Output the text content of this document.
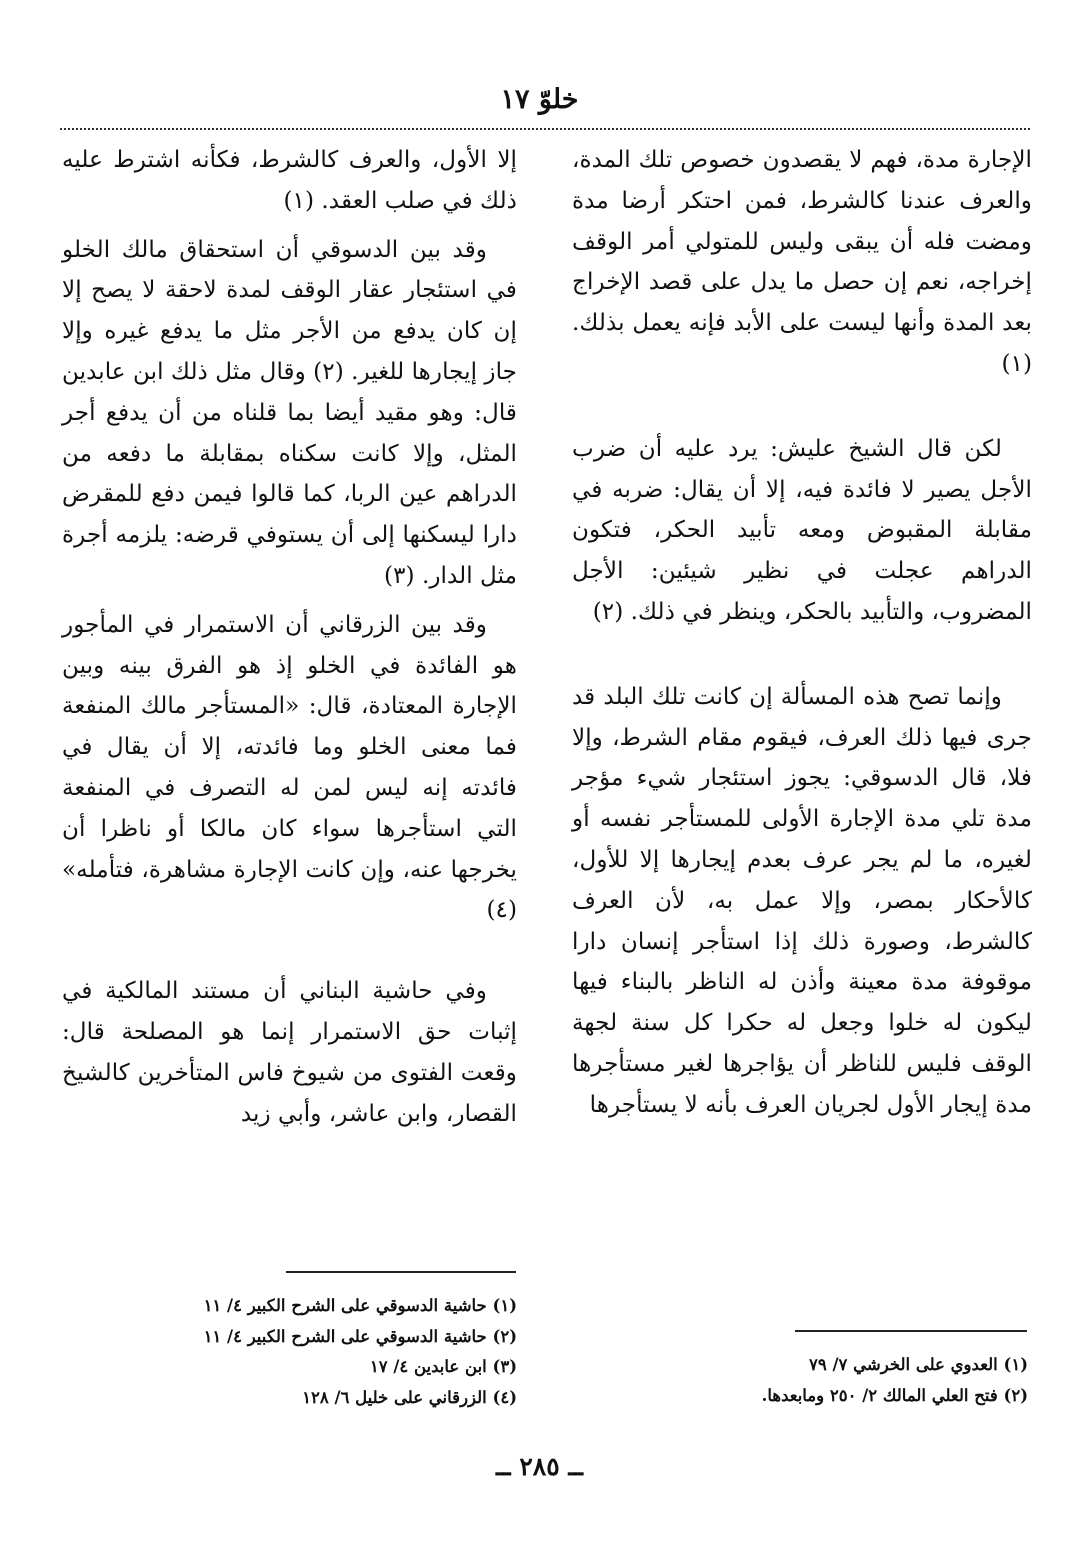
خلوّ ١٧

الإجارة مدة، فهم لا يقصدون خصوص تلك المدة، والعرف عندنا كالشرط، فمن احتكر أرضا مدة ومضت فله أن يبقى وليس للمتولي أمر الوقف إخراجه، نعم إن حصل ما يدل على قصد الإخراج بعد المدة وأنها ليست على الأبد فإنه يعمل بذلك. (١)

لكن قال الشيخ عليش: يرد عليه أن ضرب الأجل يصير لا فائدة فيه، إلا أن يقال: ضربه في مقابلة المقبوض ومعه تأبيد الحكر، فتكون الدراهم عجلت في نظير شيئين: الأجل المضروب، والتأبيد بالحكر، وينظر في ذلك. (٢)

وإنما تصح هذه المسألة إن كانت تلك البلد قد جرى فيها ذلك العرف، فيقوم مقام الشرط، وإلا فلا، قال الدسوقي: يجوز استئجار شيء مؤجر مدة تلي مدة الإجارة الأولى للمستأجر نفسه أو لغيره، ما لم يجر عرف بعدم إيجارها إلا للأول، كالأحكار بمصر، وإلا عمل به، لأن العرف كالشرط، وصورة ذلك إذا استأجر إنسان دارا موقوفة مدة معينة وأذن له الناظر بالبناء فيها ليكون له خلوا وجعل له حكرا كل سنة لجهة الوقف فليس للناظر أن يؤاجرها لغير مستأجرها مدة إيجار الأول لجريان العرف بأنه لا يستأجرها

إلا الأول، والعرف كالشرط، فكأنه اشترط عليه ذلك في صلب العقد. (١)

وقد بين الدسوقي أن استحقاق مالك الخلو في استئجار عقار الوقف لمدة لاحقة لا يصح إلا إن كان يدفع من الأجر مثل ما يدفع غيره وإلا جاز إيجارها للغير. (٢) وقال مثل ذلك ابن عابدين قال: وهو مقيد أيضا بما قلناه من أن يدفع أجر المثل، وإلا كانت سكناه بمقابلة ما دفعه من الدراهم عين الربا، كما قالوا فيمن دفع للمقرض دارا ليسكنها إلى أن يستوفي قرضه: يلزمه أجرة مثل الدار. (٣)

وقد بين الزرقاني أن الاستمرار في المأجور هو الفائدة في الخلو إذ هو الفرق بينه وبين الإجارة المعتادة، قال: «المستأجر مالك المنفعة فما معنى الخلو وما فائدته، إلا أن يقال في فائدته إنه ليس لمن له التصرف في المنفعة التي استأجرها سواء كان مالكا أو ناظرا أن يخرجها عنه، وإن كانت الإجارة مشاهرة، فتأمله» (٤)

وفي حاشية البناني أن مستند المالكية في إثبات حق الاستمرار إنما هو المصلحة قال: وقعت الفتوى من شيوخ فاس المتأخرين كالشيخ القصار، وابن عاشر، وأبي زيد

(١) العدوي على الخرشي ٧/ ٧٩
(٢) فتح العلي المالك ٢/ ٢٥٠ ومابعدها.
(١) حاشية الدسوقي على الشرح الكبير ٤/ ١١
(٢) حاشية الدسوقي على الشرح الكبير ٤/ ١١
(٣) ابن عابدين ٤/ ١٧
(٤) الزرقاني على خليل ٦/ ١٢٨
ــ ٢٨٥ ــ
